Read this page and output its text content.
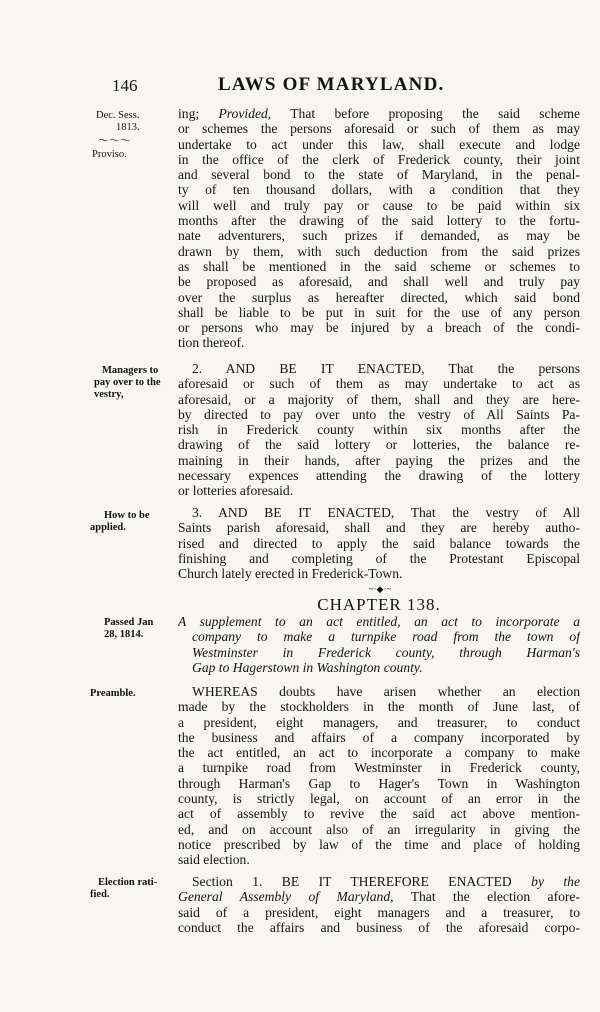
146	LAWS OF MARYLAND.
Dec. Sess.
1813.
〜〜〜
Proviso.
Managers to
pay over to the
vestry,
How to be
applied.
Passed Jan
28, 1814.
Preamble.
Election rati-
fied.
ing; Provided, That before proposing the said scheme
or schemes the persons aforesaid or such of them as may
undertake to act under this law, shall execute and lodge
in the office of the clerk of Frederick county, their joint
and several bond to the state of Maryland, in the penal-
ty of ten thousand dollars, with a condition that they
will well and truly pay or cause to be paid within six
months after the drawing of the said lottery to the fortu-
nate adventurers, such prizes if demanded, as may be
drawn by them, with such deduction from the said prizes
as shall be mentioned in the said scheme or schemes to
be proposed as aforesaid, and shall well and truly pay
over the surplus as hereafter directed, which said bond
shall be liable to be put in suit for the use of any person
or persons who may be injured by a breach of the condi-
tion thereof.
2. AND BE IT ENACTED, That the persons
aforesaid or such of them as may undertake to act as
aforesaid, or a majority of them, shall and they are here-
by directed to pay over unto the vestry of All Saints Pa-
rish in Frederick county within six months after the
drawing of the said lottery or lotteries, the balance re-
maining in their hands, after paying the prizes and the
necessary expences attending the drawing of the lottery
or lotteries aforesaid.
3. AND BE IT ENACTED, That the vestry of All
Saints parish aforesaid, shall and they are hereby autho-
rised and directed to apply the said balance towards the
finishing and completing of the Protestant Episcopal
Church lately erected in Frederick-Town.
~·◆·~
CHAPTER 138.
A supplement to an act entitled, an act to incorporate a
company to make a turnpike road from the town of
Westminster in Frederick county, through Harman's
Gap to Hagerstown in Washington county.
WHEREAS doubts have arisen whether an election
made by the stockholders in the month of June last, of
a president, eight managers, and treasurer, to conduct
the business and affairs of a company incorporated by
the act entitled, an act to incorporate a company to make
a turnpike road from Westminster in Frederick county,
through Harman's Gap to Hager's Town in Washington
county, is strictly legal, on account of an error in the
act of assembly to revive the said act above mention-
ed, and on account also of an irregularity in giving the
notice prescribed by law of the time and place of holding
said election.
Section 1. BE IT THEREFORE ENACTED by the
General Assembly of Maryland, That the election afore-
said of a president, eight managers and a treasurer, to
conduct the affairs and business of the aforesaid corpo-
